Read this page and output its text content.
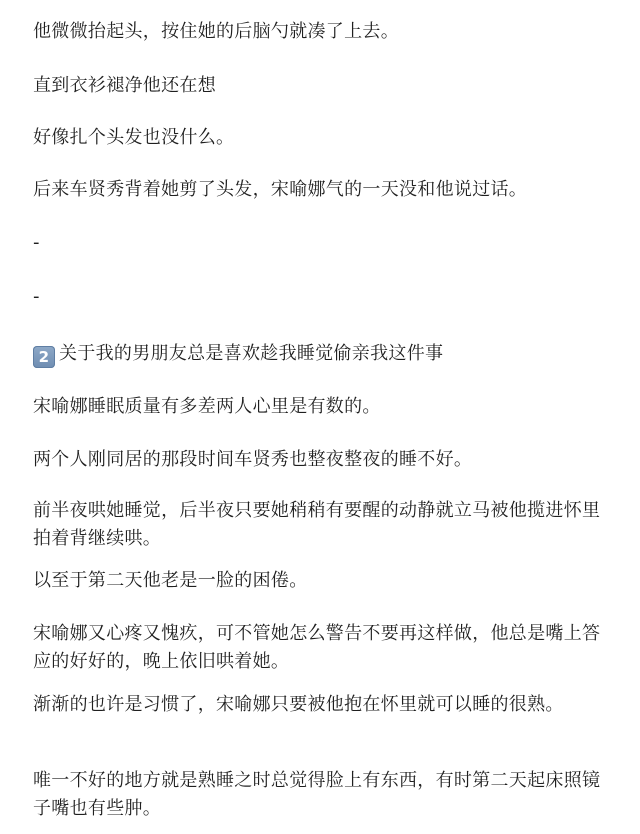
他微微抬起头，按住她的后脑勺就凑了上去。

直到衣衫褪净他还在想

好像扎个头发也没什么。

后来车贤秀背着她剪了头发，宋喻娜气的一天没和他说过话。

-

-

2 关于我的男朋友总是喜欢趁我睡觉偷亲我这件事

宋喻娜睡眠质量有多差两人心里是有数的。

两个人刚同居的那段时间车贤秀也整夜整夜的睡不好。

前半夜哄她睡觉，后半夜只要她稍稍有要醒的动静就立马被他揽进怀里拍着背继续哄。

以至于第二天他老是一脸的困倦。

宋喻娜又心疼又愧疚，可不管她怎么警告不要再这样做，他总是嘴上答应的好好的，晚上依旧哄着她。

渐渐的也许是习惯了，宋喻娜只要被他抱在怀里就可以睡的很熟。

唯一不好的地方就是熟睡之时总觉得脸上有东西，有时第二天起床照镜子嘴也有些肿。
